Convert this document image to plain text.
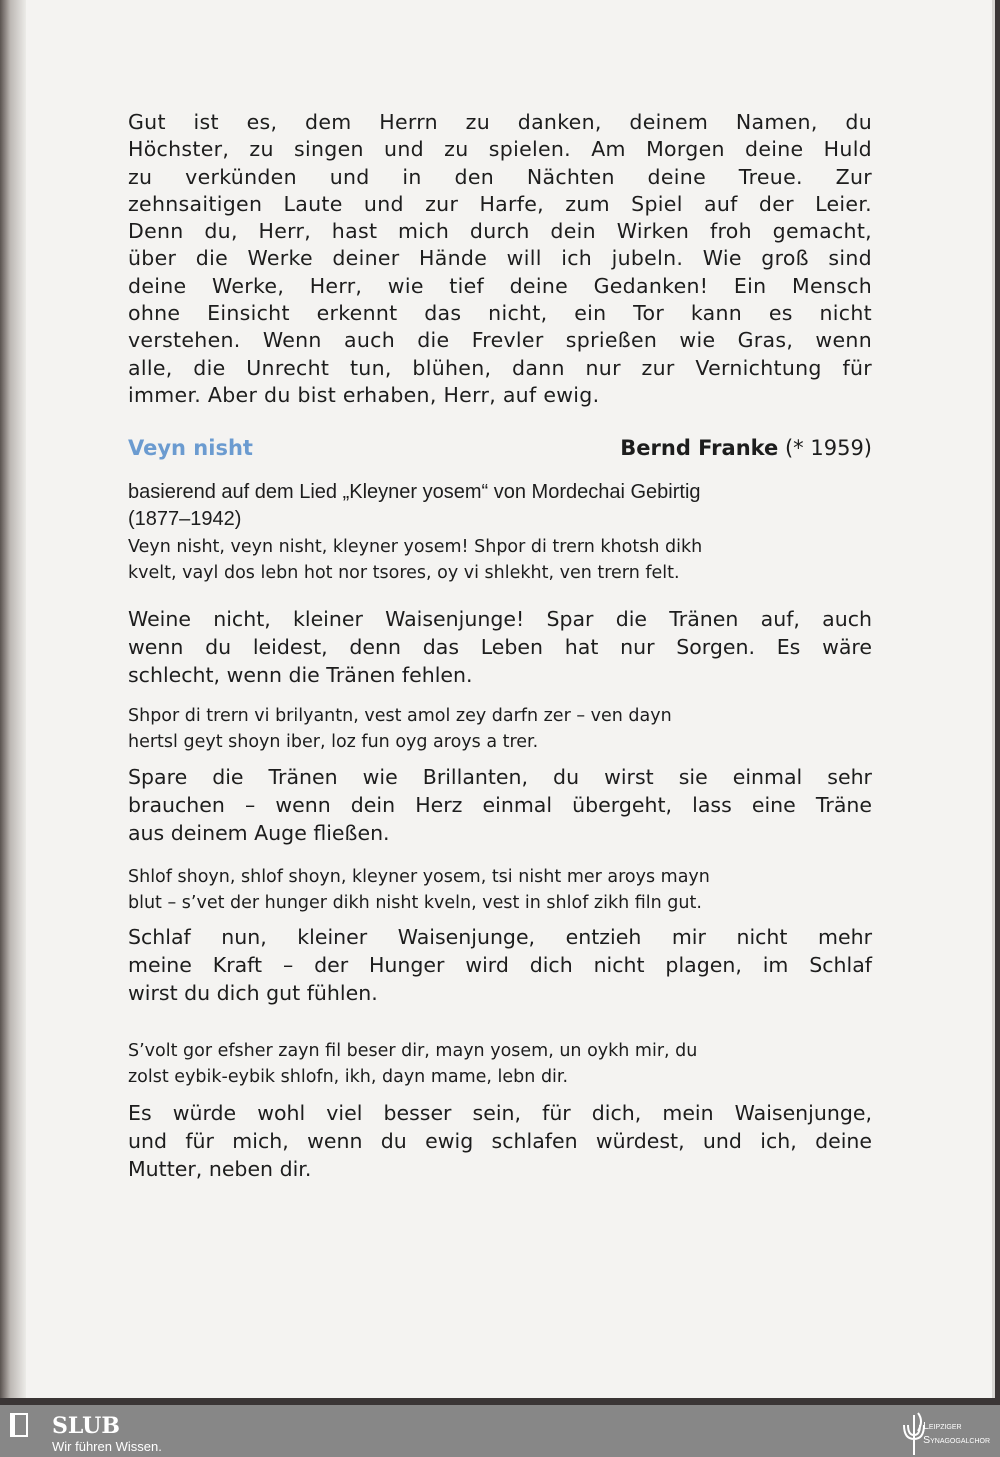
Gut ist es, dem Herrn zu danken, deinem Namen, du
Höchster, zu singen und zu spielen. Am Morgen deine Huld
zu verkünden und in den Nächten deine Treue. Zur
zehnsaitigen Laute und zur Harfe, zum Spiel auf der Leier.
Denn du, Herr, hast mich durch dein Wirken froh gemacht,
über die Werke deiner Hände will ich jubeln. Wie groß sind
deine Werke, Herr, wie tief deine Gedanken! Ein Mensch
ohne Einsicht erkennt das nicht, ein Tor kann es nicht
verstehen. Wenn auch die Frevler sprießen wie Gras, wenn
alle, die Unrecht tun, blühen, dann nur zur Vernichtung für
immer. Aber du bist erhaben, Herr, auf ewig.
Veyn nisht	Bernd Franke (* 1959)
basierend auf dem Lied „Kleyner yosem“ von Mordechai Gebirtig
(1877–1942)
Veyn nisht, veyn nisht, kleyner yosem! Shpor di trern khotsh dikh
kvelt, vayl dos lebn hot nor tsores, oy vi shlekht, ven trern felt.
Weine nicht, kleiner Waisenjunge! Spar die Tränen auf, auch
wenn du leidest, denn das Leben hat nur Sorgen. Es wäre
schlecht, wenn die Tränen fehlen.
Shpor di trern vi brilyantn, vest amol zey darfn zer – ven dayn
hertsl geyt shoyn iber, loz fun oyg aroys a trer.
Spare die Tränen wie Brillanten, du wirst sie einmal sehr
brauchen – wenn dein Herz einmal übergeht, lass eine Träne
aus deinem Auge fließen.
Shlof shoyn, shlof shoyn, kleyner yosem, tsi nisht mer aroys mayn
blut – s’vet der hunger dikh nisht kveln, vest in shlof zikh filn gut.
Schlaf nun, kleiner Waisenjunge, entzieh mir nicht mehr
meine Kraft – der Hunger wird dich nicht plagen, im Schlaf
wirst du dich gut fühlen.
S’volt gor efsher zayn fil beser dir, mayn yosem, un oykh mir, du
zolst eybik-eybik shlofn, ikh, dayn mame, lebn dir.
Es würde wohl viel besser sein, für dich, mein Waisenjunge,
und für mich, wenn du ewig schlafen würdest, und ich, deine
Mutter, neben dir.
SLUB
Wir führen Wissen.
Leipziger
Synagogalchor
